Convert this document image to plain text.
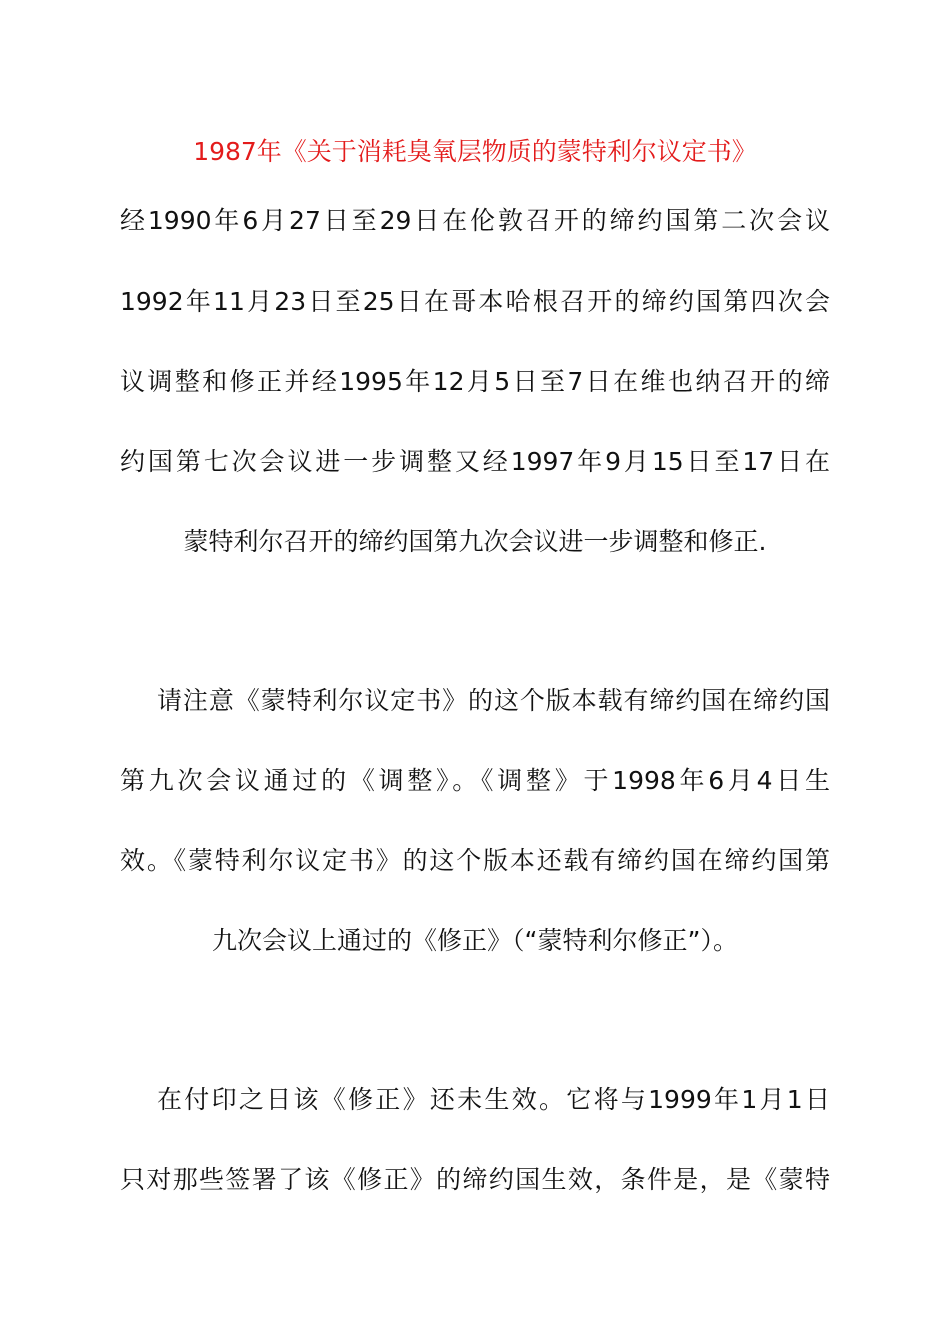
1987年《关于消耗臭氧层物质的蒙特利尔议定书》
经1990年6月27日至29日在伦敦召开的缔约国第二次会议
1992年11月23日至25日在哥本哈根召开的缔约国第四次会
议调整和修正并经1995年12月5日至7日在维也纳召开的缔
约国第七次会议进一步调整又经1997年9月15日至17日在
蒙特利尔召开的缔约国第九次会议进一步调整和修正.
请注意《蒙特利尔议定书》的这个版本载有缔约国在缔约国
第九次会议通过的《调整》。《调整》于1998年6月4日生
效。《蒙特利尔议定书》的这个版本还载有缔约国在缔约国第
九次会议上通过的《修正》（“蒙特利尔修正”）。
在付印之日该《修正》还未生效。它将与1999年1月1日
只对那些签署了该《修正》的缔约国生效，条件是，是《蒙特
